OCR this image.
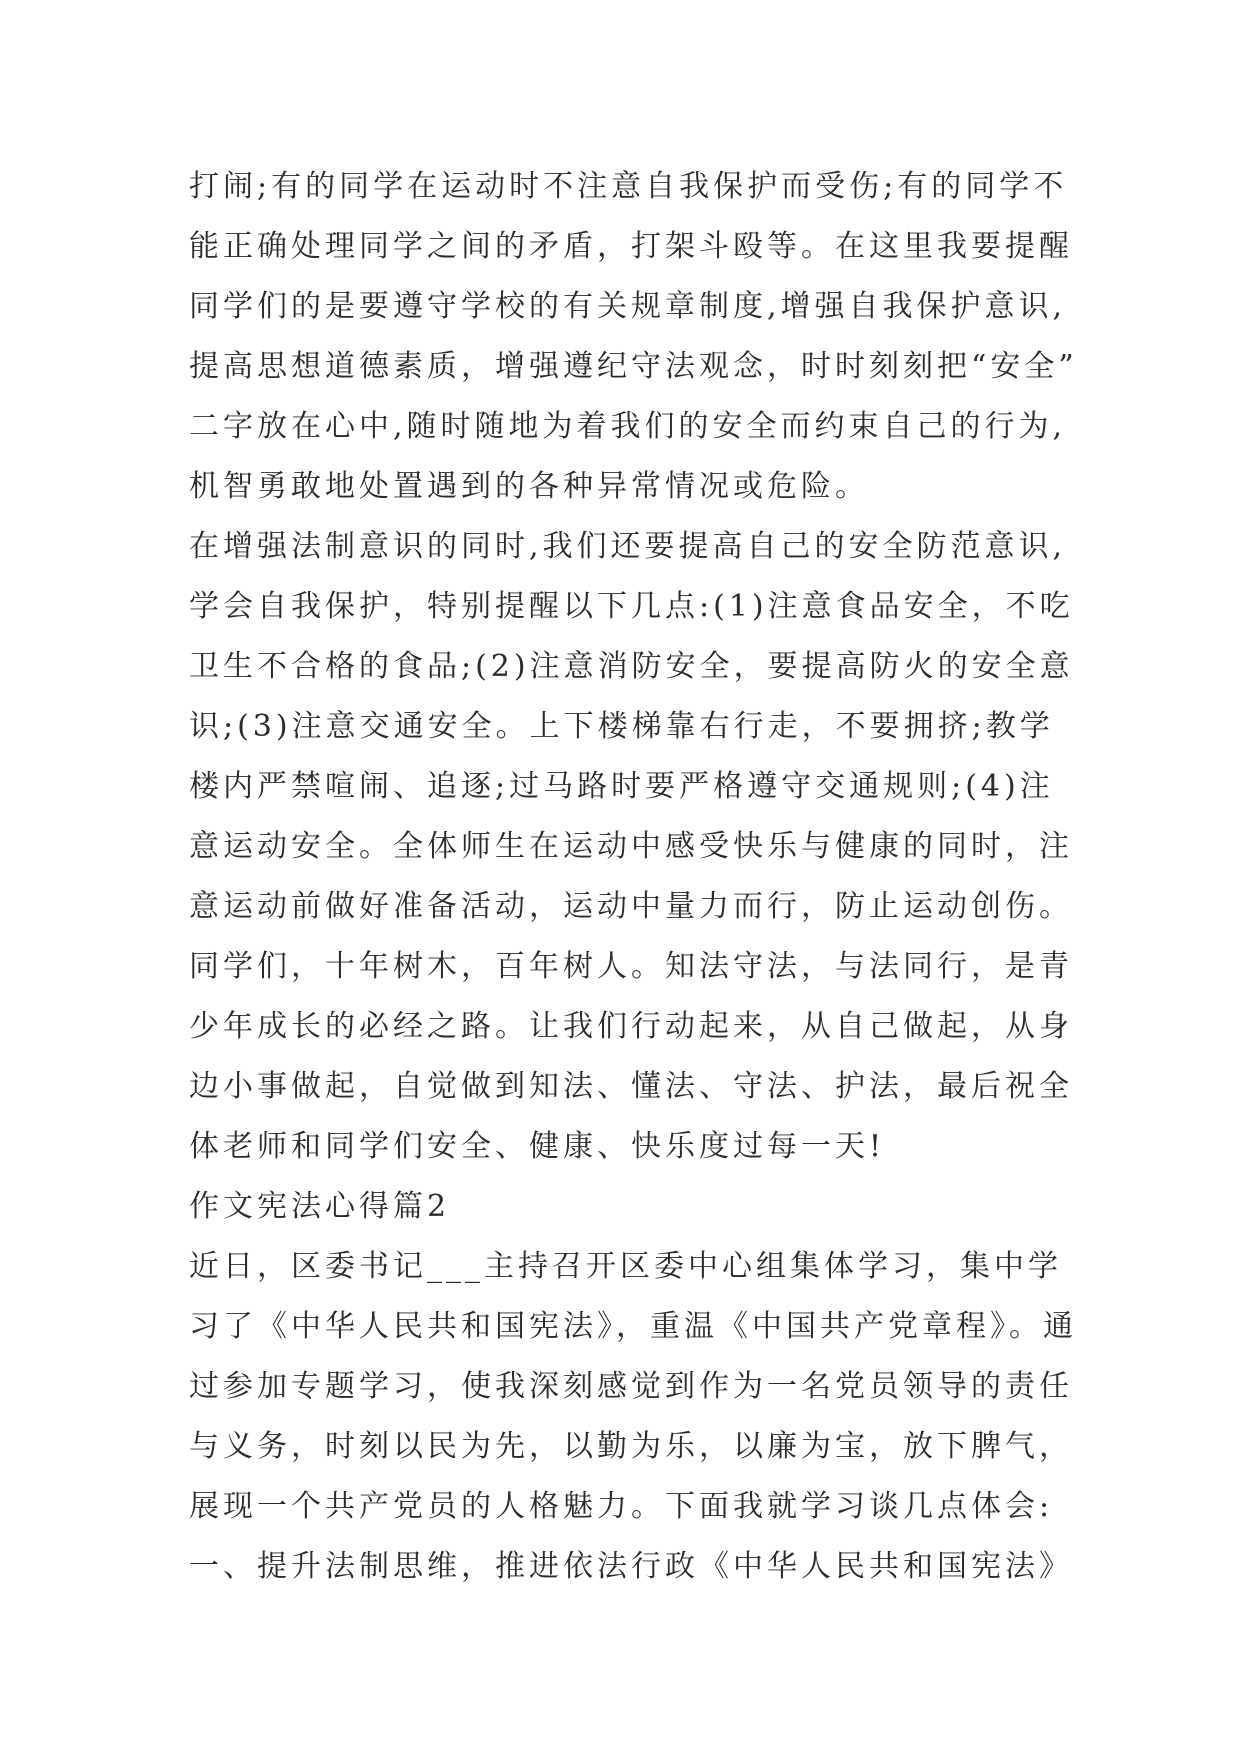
打闹;有的同学在运动时不注意自我保护而受伤;有的同学不
能正确处理同学之间的矛盾，打架斗殴等。在这里我要提醒
同学们的是要遵守学校的有关规章制度,增强自我保护意识,
提高思想道德素质，增强遵纪守法观念，时时刻刻把“安全”
二字放在心中,随时随地为着我们的安全而约束自己的行为,
机智勇敢地处置遇到的各种异常情况或危险。
在增强法制意识的同时,我们还要提高自己的安全防范意识,
学会自我保护，特别提醒以下几点:(1)注意食品安全，不吃
卫生不合格的食品;(2)注意消防安全，要提高防火的安全意
识;(3)注意交通安全。上下楼梯靠右行走，不要拥挤;教学
楼内严禁喧闹、追逐;过马路时要严格遵守交通规则;(4)注
意运动安全。全体师生在运动中感受快乐与健康的同时，注
意运动前做好准备活动，运动中量力而行，防止运动创伤。
同学们，十年树木，百年树人。知法守法，与法同行，是青
少年成长的必经之路。让我们行动起来，从自己做起，从身
边小事做起，自觉做到知法、懂法、守法、护法，最后祝全
体老师和同学们安全、健康、快乐度过每一天!
作文宪法心得篇2
近日，区委书记___主持召开区委中心组集体学习，集中学
习了《中华人民共和国宪法》，重温《中国共产党章程》。通
过参加专题学习，使我深刻感觉到作为一名党员领导的责任
与义务，时刻以民为先，以勤为乐，以廉为宝，放下脾气，
展现一个共产党员的人格魅力。下面我就学习谈几点体会:
一、提升法制思维，推进依法行政《中华人民共和国宪法》
